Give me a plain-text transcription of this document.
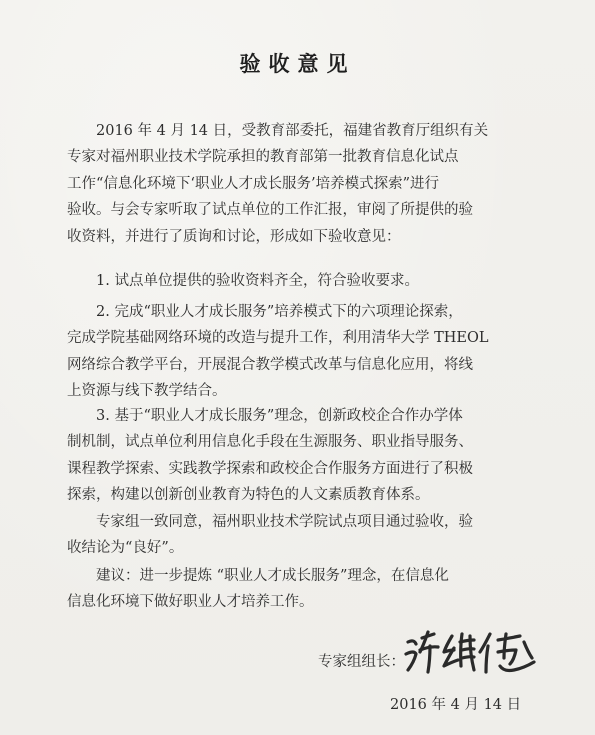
验收意见
2016 年 4 月 14 日，受教育部委托，福建省教育厅组织有关
专家对福州职业技术学院承担的教育部第一批教育信息化试点
工作“信息化环境下‘职业人才成长服务’培养模式探索”进行
验收。与会专家听取了试点单位的工作汇报，审阅了所提供的验
收资料，并进行了质询和讨论，形成如下验收意见：
1. 试点单位提供的验收资料齐全，符合验收要求。
2. 完成“职业人才成长服务”培养模式下的六项理论探索，
完成学院基础网络环境的改造与提升工作，利用清华大学 THEOL
网络综合教学平台，开展混合教学模式改革与信息化应用，将线
上资源与线下教学结合。
3. 基于“职业人才成长服务”理念，创新政校企合作办学体
制机制，试点单位利用信息化手段在生源服务、职业指导服务、
课程教学探索、实践教学探索和政校企合作服务方面进行了积极
探索，构建以创新创业教育为特色的人文素质教育体系。
专家组一致同意，福州职业技术学院试点项目通过验收，验
收结论为“良好”。
建议：进一步提炼 “职业人才成长服务”理念，在信息化
信息化环境下做好职业人才培养工作。
专家组组长：
2016 年 4 月 14 日
